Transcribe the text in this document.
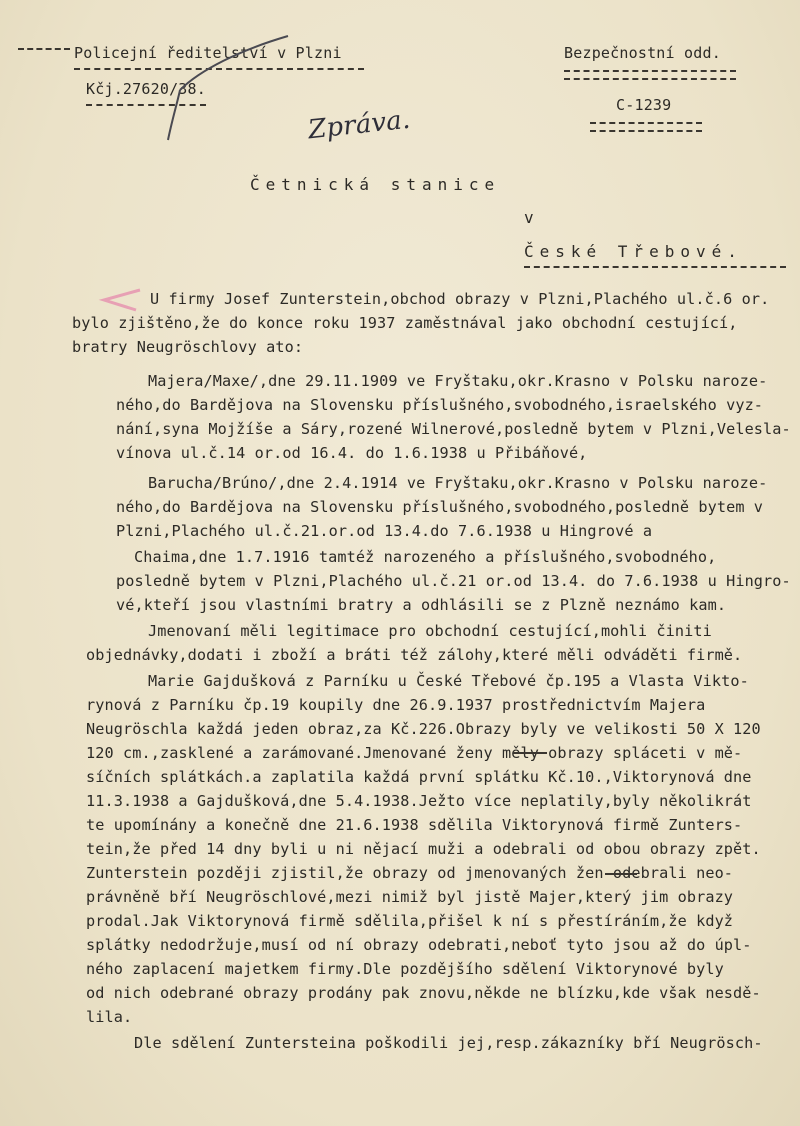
Policejní ředitelství v Plzni
Kčj.27620/38.
Bezpečnostní odd.
C-1239
Zpráva.
Četnická stanice
v
České Třebové.
U firmy Josef Zunterstein,obchod obrazy v Plzni,Plachého ul.č.6 or.
bylo zjištěno,že do konce roku 1937 zaměstnával jako obchodní cestující,
bratry Neugröschlovy ato:
Majera/Maxe/,dne 29.11.1909 ve Fryštaku,okr.Krasno v Polsku naroze-
ného,do Bardějova na Slovensku příslušného,svobodného,israelského vyz-
nání,syna Mojžíše a Sáry,rozené Wilnerové,posledně bytem v Plzni,Velesla-
vínova ul.č.14 or.od 16.4. do 1.6.1938 u Přibáňové,
Barucha/Brúno/,dne 2.4.1914 ve Fryštaku,okr.Krasno v Polsku naroze-
ného,do Bardějova na Slovensku příslušného,svobodného,posledně bytem v
Plzni,Plachého ul.č.21.or.od 13.4.do 7.6.1938 u Hingrové a
Chaima,dne 1.7.1916 tamtéž narozeného a příslušného,svobodného,
posledně bytem v Plzni,Plachého ul.č.21 or.od 13.4. do 7.6.1938 u Hingro-
vé,kteří jsou vlastními bratry a odhlásili se z Plzně neznámo kam.
Jmenovaní měli legitimace pro obchodní cestující,mohli činiti
objednávky,dodati i zboží a bráti též zálohy,které měli odváděti firmě.
Marie Gajdušková z Parníku u České Třebové čp.195 a Vlasta Vikto-
rynová z Parníku čp.19 koupily dne 26.9.1937 prostřednictvím Majera
Neugröschla každá jeden obraz,za Kč.226.Obrazy byly ve velikosti 50 X 120
120 cm.,zasklené a zarámované.Jmenované ženy měly obrazy spláceti v mě-
síčních splátkách.a zaplatila každá první splátku Kč.10.,Viktorynová dne
11.3.1938 a Gajdušková,dne 5.4.1938.Ježto více neplatily,byly několikrát
te upomínány a konečně dne 21.6.1938 sdělila Viktorynová firmě Zunters-
tein,že před 14 dny byli u ni nějací muži a odebrali od obou obrazy zpět.
Zunterstein později zjistil,že obrazy od jmenovaných žen odebrali neo-
právněně bří Neugröschlové,mezi nimiž byl jistě Majer,který jim obrazy
prodal.Jak Viktorynová firmě sdělila,přišel k ní s přestíráním,že když
splátky nedodržuje,musí od ní obrazy odebrati,neboť tyto jsou až do úpl-
ného zaplacení majetkem firmy.Dle pozdějšího sdělení Viktorynové byly
od nich odebrané obrazy prodány pak znovu,někde ne blízku,kde však nesdě-
lila.
Dle sdělení Zuntersteina poškodili jej,resp.zákazníky bří Neugrösch-
